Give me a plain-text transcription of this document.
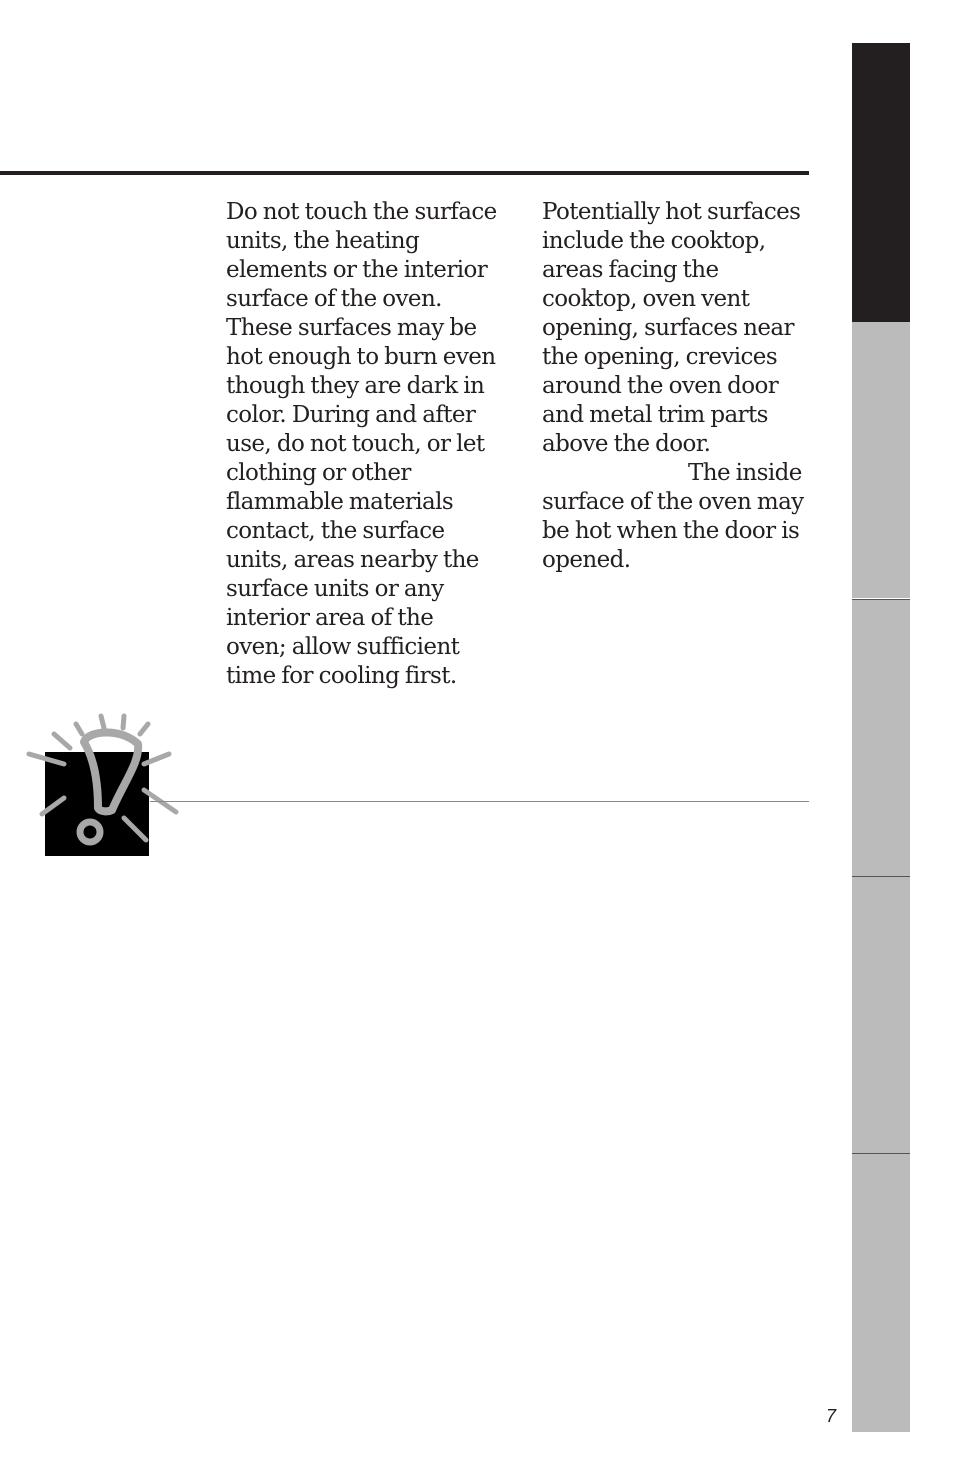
Do not touch the surface units, the heating elements or the interior surface of the oven. These surfaces may be hot enough to burn even though they are dark in color. During and after use, do not touch, or let clothing or other flammable materials contact, the surface units, areas nearby the surface units or any interior area of the oven; allow sufficient time for cooling first.

Potentially hot surfaces include the cooktop, areas facing the cooktop, oven vent opening, surfaces near the opening, crevices around the oven door and metal trim parts above the door.

The inside surface of the oven may be hot when the door is opened.

7
